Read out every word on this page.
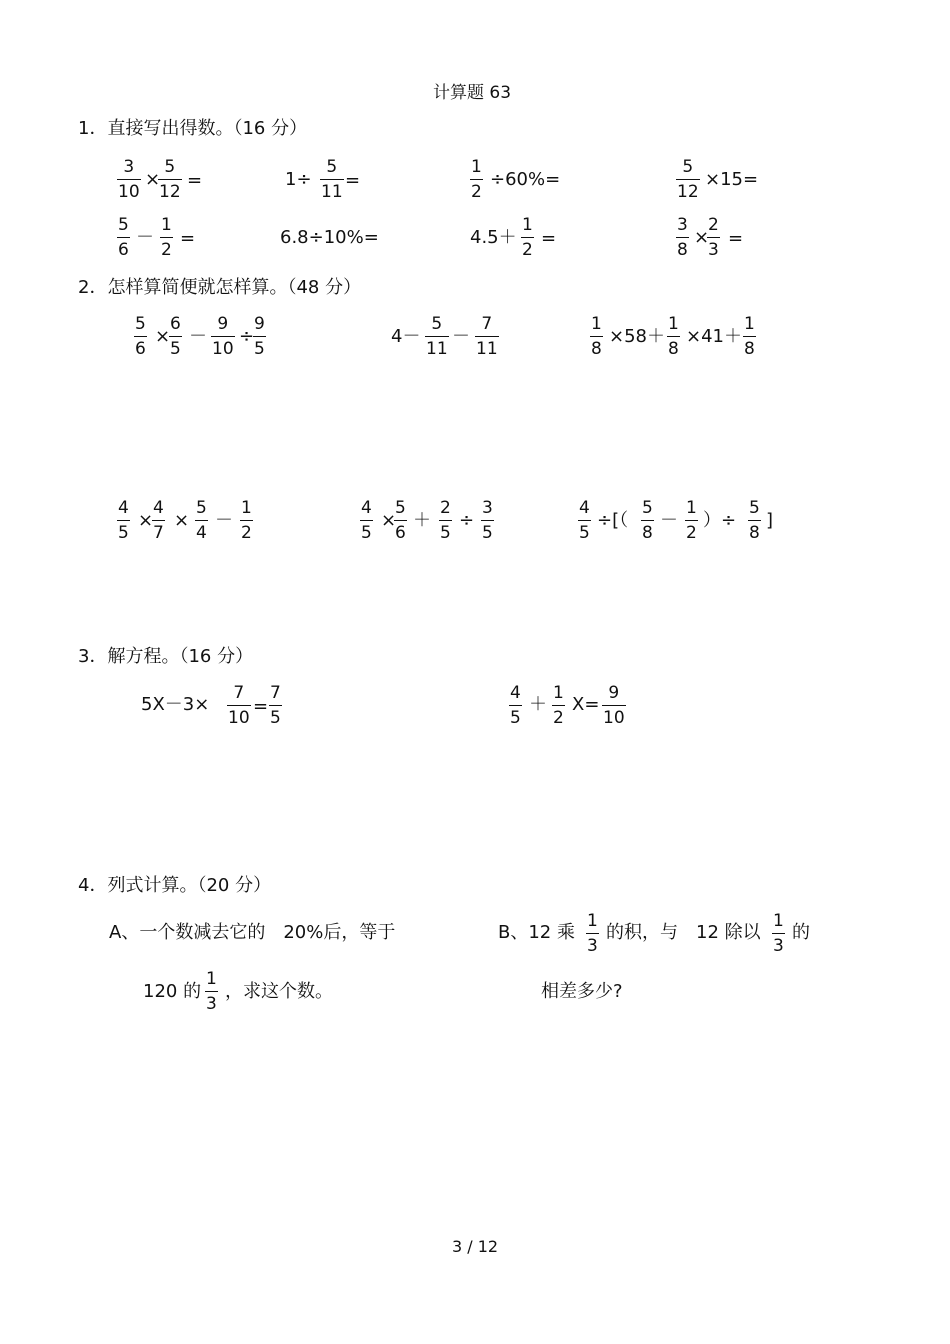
计算题 63
1．直接写出得数。（16 分）
3
10
×
5
12
=	1÷
5
11
=
1
2
÷60%=
5
12
×15=
5
6
－
1
2
=	6.8÷10%=	4.5＋
1
2
=
3
8
×
2
3
=
2．怎样算简便就怎样算。（48 分）
5
6
×
6
5
－
9
10
÷
9
5
4－
5
11
－
7
11
1
8
×58＋
1
8
×41＋
1
8
4
5
×
4
7
×
5
4
－
1
2
4
5
×
5
6
＋
2
5
÷
3
5
4
5
÷[（
5
8
－
1
2
）÷
5
8
]
3．解方程。（16 分）
5X－3×
7
10
=
7
5
4
5
＋
1
2
X=
9
10
4．列式计算。（20 分）
A、一个数减去它的　20%后，等于
120 的
1
3
，求这个数。
B、12 乘
1
3
的积，与　12 除以
1
3
的
相差多少?
3 / 12
